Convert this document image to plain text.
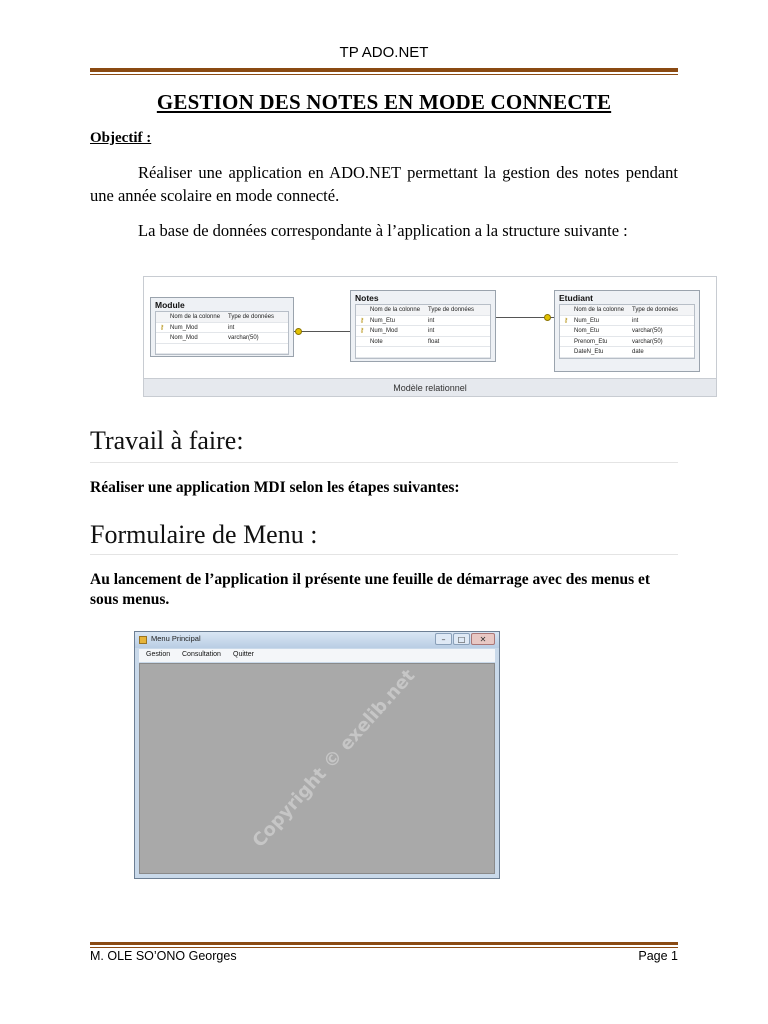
TP ADO.NET
GESTION DES NOTES EN MODE CONNECTE
Objectif :
Réaliser une application en ADO.NET permettant la gestion des notes pendant une année scolaire en mode connecté.
La base de données correspondante à l’application a la structure suivante :
Module
Nom de la colonne	Type de données
⚷ Num_Mod	int
Nom_Mod	varchar(50)
Notes
Nom de la colonne	Type de données
⚷ Num_Etu	int
⚷ Num_Mod	int
Note	float
Etudiant
Nom de la colonne	Type de données
⚷ Num_Etu	int
Nom_Etu	varchar(50)
Prenom_Etu	varchar(50)
DateN_Etu	date
Modèle relationnel
Travail à faire:
Réaliser une application MDI selon les étapes suivantes:
Formulaire de Menu :
Au lancement de l’application il présente une feuille de démarrage avec des menus et sous menus.
Menu Principal	–	□	✕
Gestion Consultation Quitter
Copyright © exelib.net
M. OLE SO’ONO Georges	Page 1
